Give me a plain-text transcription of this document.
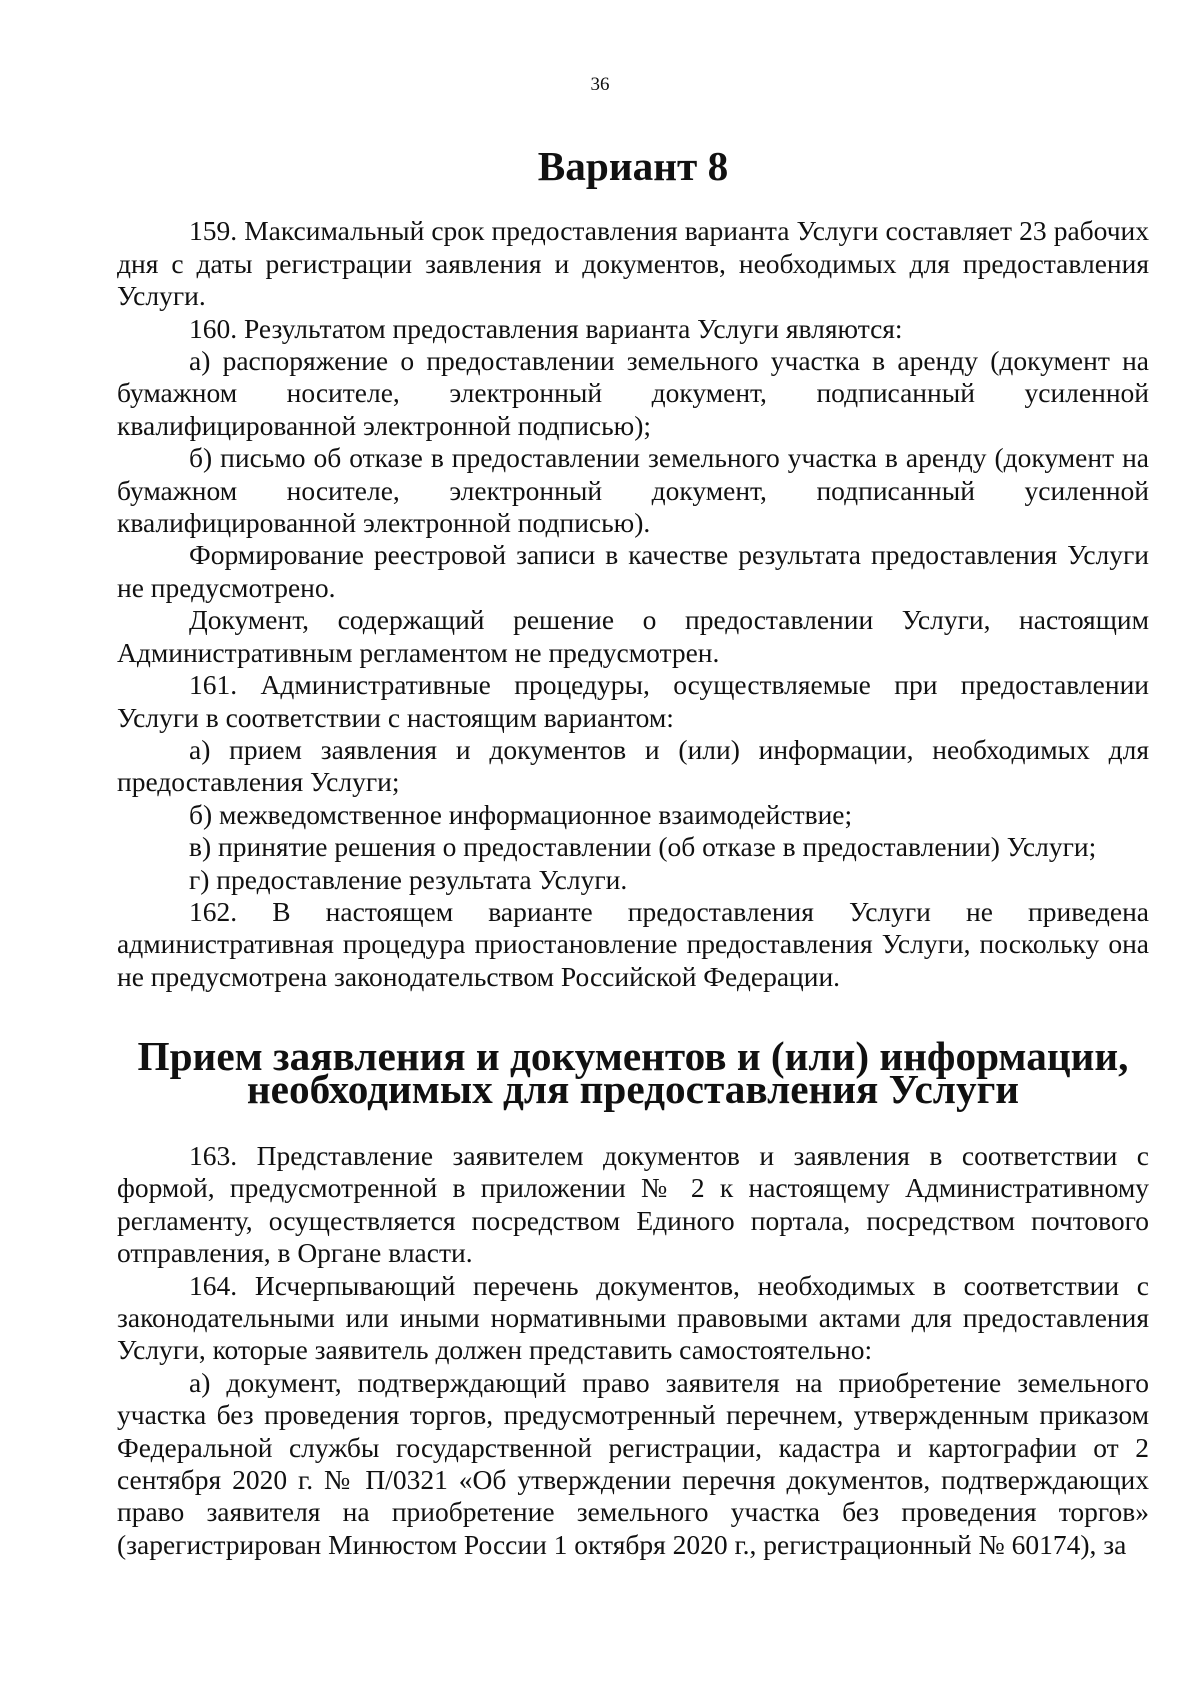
36
Вариант 8

159. Максимальный срок предоставления варианта Услуги составляет 23 рабочих дня с даты регистрации заявления и документов, необходимых для предоставления Услуги.

160. Результатом предоставления варианта Услуги являются:

а) распоряжение о предоставлении земельного участка в аренду (документ на бумажном носителе, электронный документ, подписанный усиленной квалифицированной электронной подписью);

б) письмо об отказе в предоставлении земельного участка в аренду (документ на бумажном носителе, электронный документ, подписанный усиленной квалифицированной электронной подписью).

Формирование реестровой записи в качестве результата предоставления Услуги не предусмотрено.

Документ, содержащий решение о предоставлении Услуги, настоящим Административным регламентом не предусмотрен.

161. Административные процедуры, осуществляемые при предоставлении Услуги в соответствии с настоящим вариантом:

а) прием заявления и документов и (или) информации, необходимых для предоставления Услуги;

б) межведомственное информационное взаимодействие;

в) принятие решения о предоставлении (об отказе в предоставлении) Услуги;

г) предоставление результата Услуги.

162. В настоящем варианте предоставления Услуги не приведена административная процедура приостановление предоставления Услуги, поскольку она не предусмотрена законодательством Российской Федерации.

Прием заявления и документов и (или) информации, необходимых для предоставления Услуги

163. Представление заявителем документов и заявления в соответствии с формой, предусмотренной в приложении № 2 к настоящему Административному регламенту, осуществляется посредством Единого портала, посредством почтового отправления, в Органе власти.

164. Исчерпывающий перечень документов, необходимых в соответствии с законодательными или иными нормативными правовыми актами для предоставления Услуги, которые заявитель должен представить самостоятельно:

а) документ, подтверждающий право заявителя на приобретение земельного участка без проведения торгов, предусмотренный перечнем, утвержденным приказом Федеральной службы государственной регистрации, кадастра и картографии от 2 сентября 2020 г. № П/0321 «Об утверждении перечня документов, подтверждающих право заявителя на приобретение земельного участка без проведения торгов» (зарегистрирован Минюстом России 1 октября 2020 г., регистрационный № 60174), за
